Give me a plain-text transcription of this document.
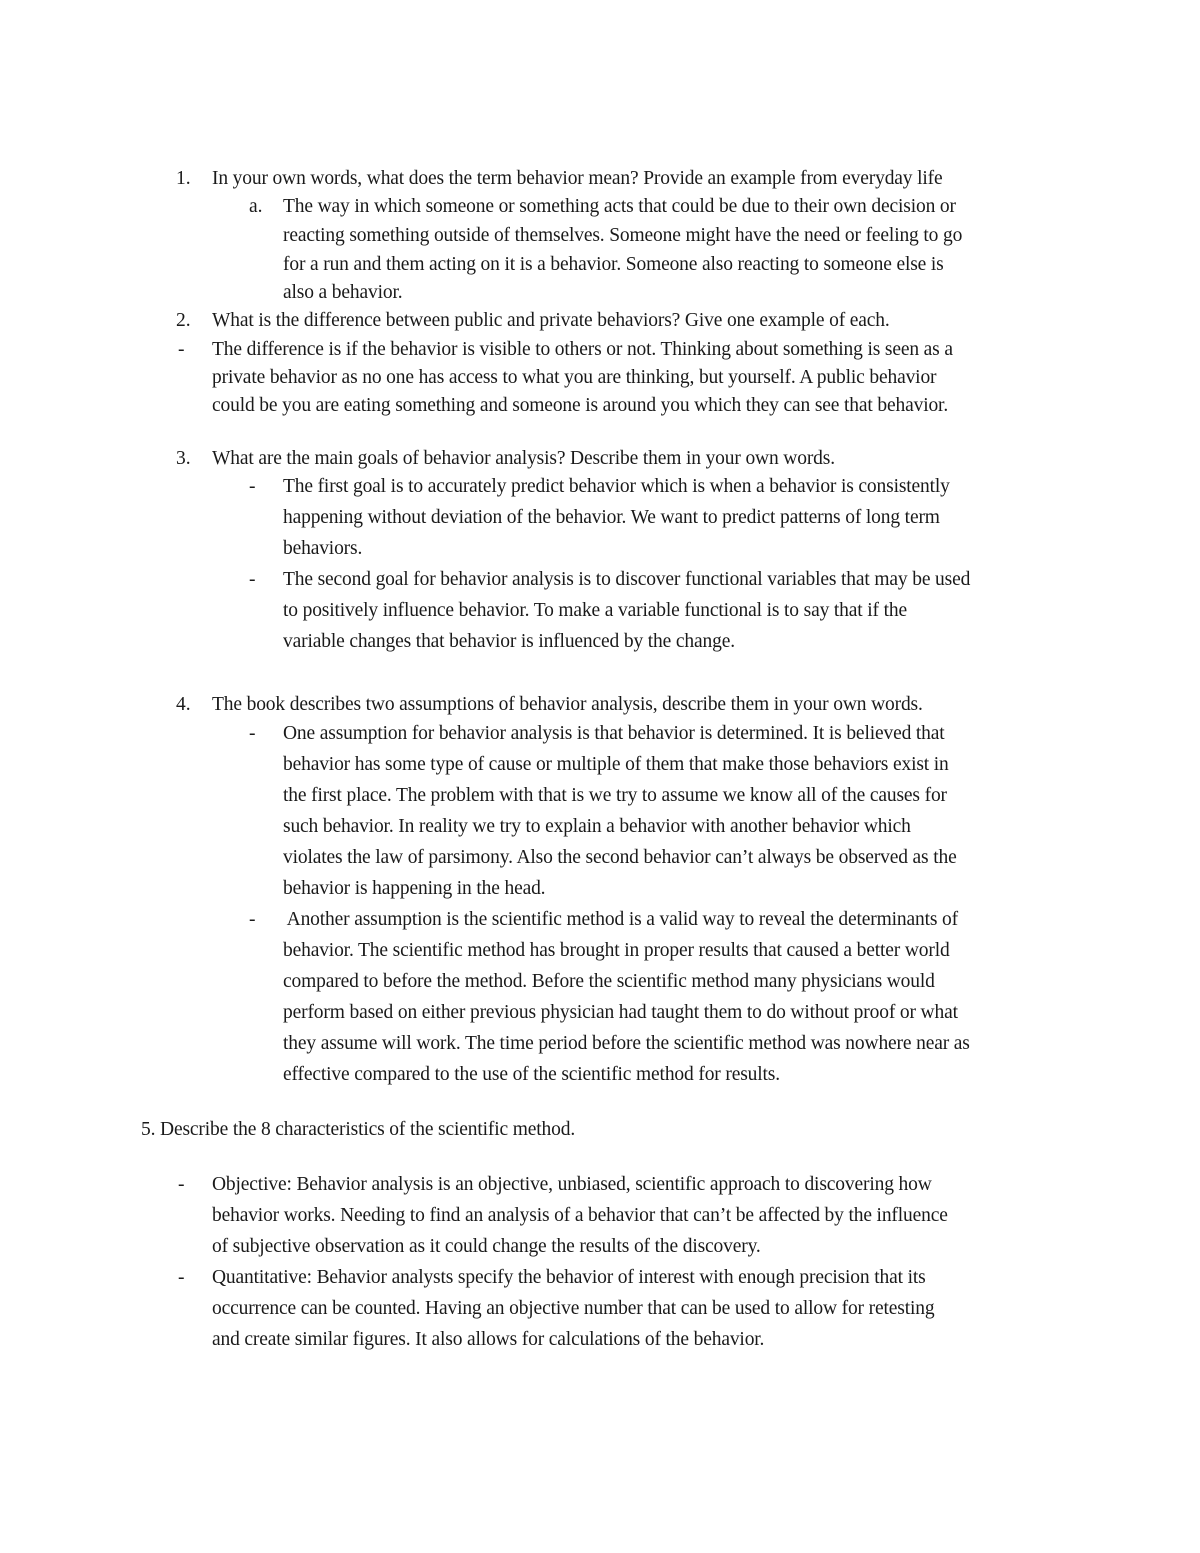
1. In your own words, what does the term behavior mean? Provide an example from everyday life
a. The way in which someone or something acts that could be due to their own decision or
reacting something outside of themselves. Someone might have the need or feeling to go
for a run and them acting on it is a behavior. Someone also reacting to someone else is
also a behavior.
2. What is the difference between public and private behaviors? Give one example of each.
- The difference is if the behavior is visible to others or not. Thinking about something is seen as a
private behavior as no one has access to what you are thinking, but yourself. A public behavior
could be you are eating something and someone is around you which they can see that behavior.
3. What are the main goals of behavior analysis? Describe them in your own words.
- The first goal is to accurately predict behavior which is when a behavior is consistently
happening without deviation of the behavior. We want to predict patterns of long term
behaviors.
- The second goal for behavior analysis is to discover functional variables that may be used
to positively influence behavior. To make a variable functional is to say that if the
variable changes that behavior is influenced by the change.
4. The book describes two assumptions of behavior analysis, describe them in your own words.
- One assumption for behavior analysis is that behavior is determined. It is believed that
behavior has some type of cause or multiple of them that make those behaviors exist in
the first place. The problem with that is we try to assume we know all of the causes for
such behavior. In reality we try to explain a behavior with another behavior which
violates the law of parsimony. Also the second behavior can’t always be observed as the
behavior is happening in the head.
- Another assumption is the scientific method is a valid way to reveal the determinants of
behavior. The scientific method has brought in proper results that caused a better world
compared to before the method. Before the scientific method many physicians would
perform based on either previous physician had taught them to do without proof or what
they assume will work. The time period before the scientific method was nowhere near as
effective compared to the use of the scientific method for results.
5. Describe the 8 characteristics of the scientific method.
- Objective: Behavior analysis is an objective, unbiased, scientific approach to discovering how
behavior works. Needing to find an analysis of a behavior that can’t be affected by the influence
of subjective observation as it could change the results of the discovery.
- Quantitative: Behavior analysts specify the behavior of interest with enough precision that its
occurrence can be counted. Having an objective number that can be used to allow for retesting
and create similar figures. It also allows for calculations of the behavior.
